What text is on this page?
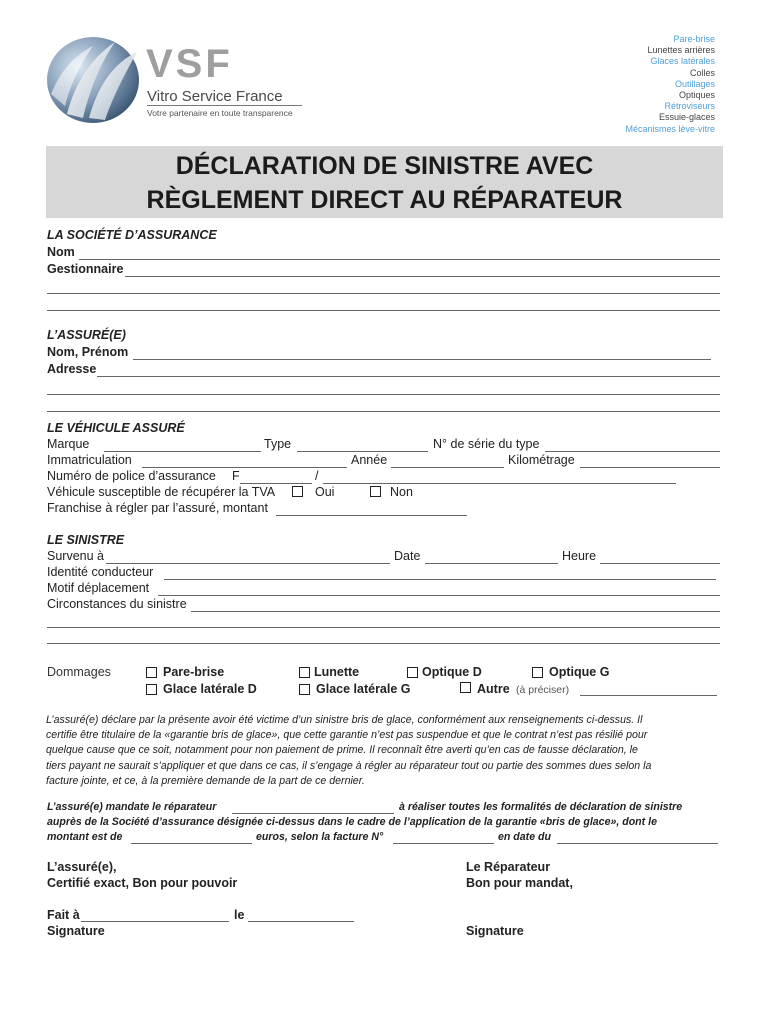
VSF
Vitro Service France
Votre partenaire en toute transparence
Pare-brise
Lunettes arrières
Glaces latérales
Colles
Outillages
Optiques
Rétroviseurs
Essuie-glaces
Mécanismes lève-vitre
DÉCLARATION DE SINISTRE AVEC
RÈGLEMENT DIRECT AU RÉPARATEUR
LA SOCIÉTÉ D’ASSURANCE
Nom
Gestionnaire
L’ASSURÉ(E)
Nom, Prénom
Adresse
LE VÉHICULE ASSURÉ
Marque	Type	N° de série du type
Immatriculation	Année	Kilométrage
Numéro de police d’assurance F	/
Véhicule susceptible de récupérer la TVA	Oui	Non
Franchise à régler par l’assuré, montant
LE SINISTRE
Survenu à	Date	Heure
Identité conducteur
Motif déplacement
Circonstances du sinistre
Dommages	Pare-brise	Lunette	Optique D	Optique G
Glace latérale D	Glace latérale G	Autre (à préciser)
L’assuré(e) déclare par la présente avoir été victime d’un sinistre bris de glace, conformément aux renseignements ci-dessus. Il
certifie être titulaire de la «garantie bris de glace», que cette garantie n’est pas suspendue et que le contrat n’est pas résilié pour
quelque cause que ce soit, notamment pour non paiement de prime. Il reconnaît être averti qu’en cas de fausse déclaration, le
tiers payant ne saurait s’appliquer et que dans ce cas, il s’engage à régler au réparateur tout ou partie des sommes dues selon la
facture jointe, et ce, à la première demande de la part de ce dernier.
L’assuré(e) mandate le réparateur	à réaliser toutes les formalités de déclaration de sinistre
auprès de la Société d’assurance désignée ci-dessus dans le cadre de l’application de la garantie «bris de glace», dont le
montant est de	euros, selon la facture N°	en date du
L’assuré(e),
Certifié exact, Bon pour pouvoir
Le Réparateur
Bon pour mandat,
Fait à	le
Signature	Signature
